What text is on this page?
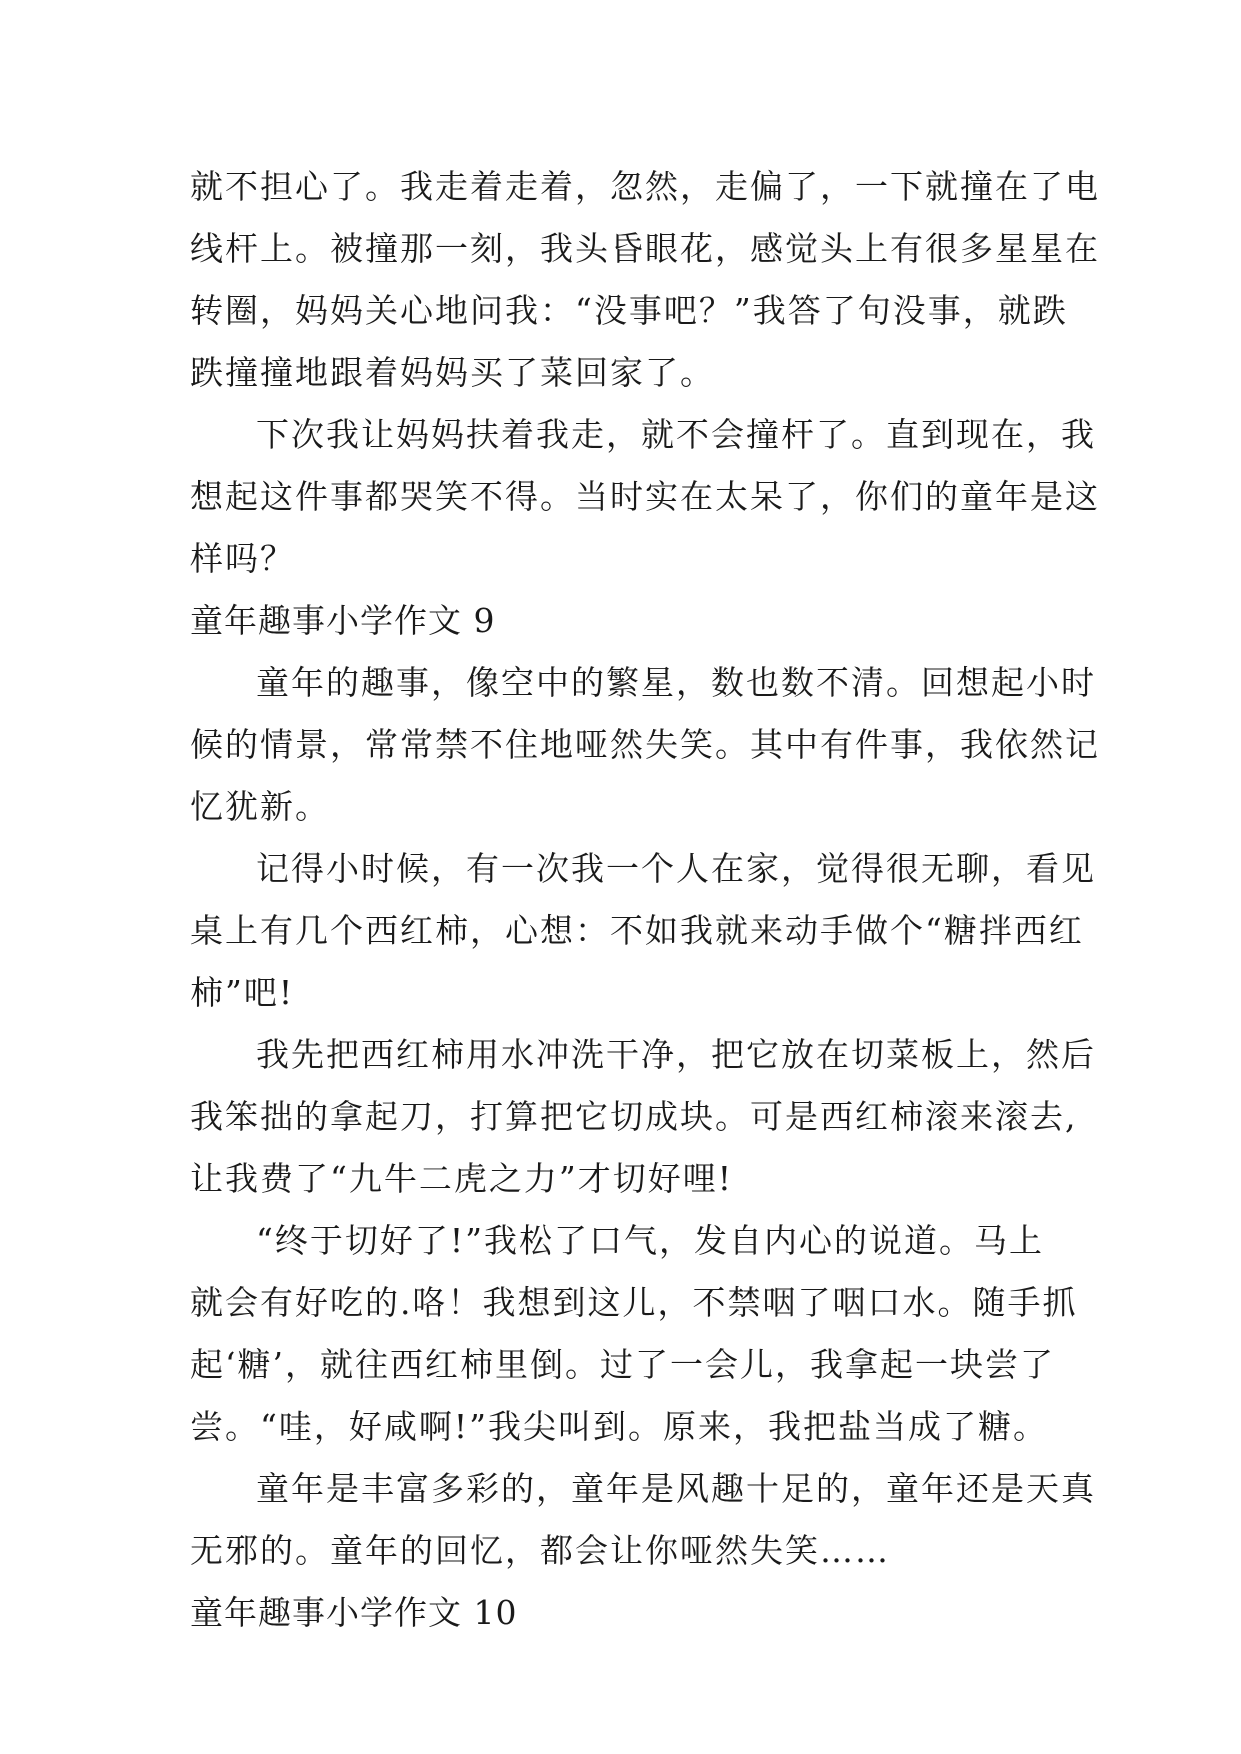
就不担心了。我走着走着，忽然，走偏了，一下就撞在了电
线杆上。被撞那一刻，我头昏眼花，感觉头上有很多星星在
转圈，妈妈关心地问我：“没事吧？”我答了句没事，就跌
跌撞撞地跟着妈妈买了菜回家了。
下次我让妈妈扶着我走，就不会撞杆了。直到现在，我
想起这件事都哭笑不得。当时实在太呆了，你们的童年是这
样吗？
童年趣事小学作文 9
童年的趣事，像空中的繁星，数也数不清。回想起小时
候的情景，常常禁不住地哑然失笑。其中有件事，我依然记
忆犹新。
记得小时候，有一次我一个人在家，觉得很无聊，看见
桌上有几个西红柿，心想：不如我就来动手做个“糖拌西红
柿”吧!
我先把西红柿用水冲洗干净，把它放在切菜板上，然后
我笨拙的拿起刀，打算把它切成块。可是西红柿滚来滚去,
让我费了“九牛二虎之力”才切好哩!
“终于切好了!”我松了口气，发自内心的说道。马上
就会有好吃的.咯！我想到这儿，不禁咽了咽口水。随手抓
起‘糖’，就往西红柿里倒。过了一会儿，我拿起一块尝了
尝。“哇，好咸啊!”我尖叫到。原来，我把盐当成了糖。
童年是丰富多彩的，童年是风趣十足的，童年还是天真
无邪的。童年的回忆，都会让你哑然失笑……
童年趣事小学作文 10
